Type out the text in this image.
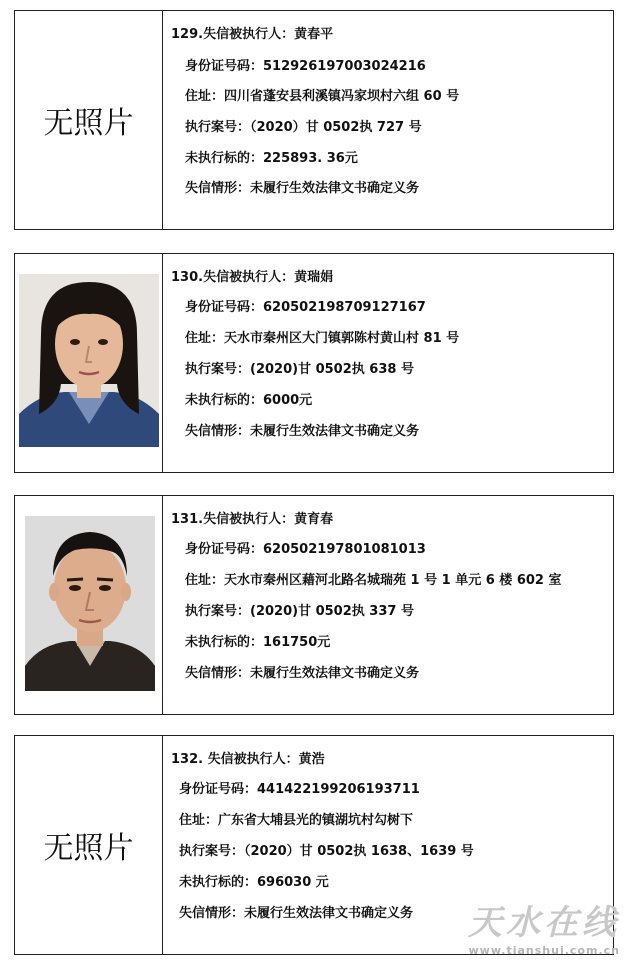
无照片
129.失信被执行人：黄春平
身份证号码：512926197003024216
住址：四川省蓬安县利溪镇冯家坝村六组 60 号
执行案号：（2020）甘 0502执 727 号
未执行标的：225893. 36元
失信情形：未履行生效法律文书确定义务
130.失信被执行人：黄瑞娟
身份证号码：620502198709127167
住址：天水市秦州区大门镇郭陈村黄山村 81 号
执行案号：(2020)甘 0502执 638 号
未执行标的：6000元
失信情形：未履行生效法律文书确定义务
131.失信被执行人：黄育春
身份证号码：620502197801081013
住址：天水市秦州区藉河北路名城瑞苑 1 号 1 单元 6 楼 602 室
执行案号：(2020)甘 0502执 337 号
未执行标的：161750元
失信情形：未履行生效法律文书确定义务
无照片
132. 失信被执行人：黄浩
身份证号码：441422199206193711
住址：广东省大埔县光的镇湖坑村勾树下
执行案号：（2020）甘 0502执 1638、1639 号
未执行标的：696030 元
失信情形：未履行生效法律文书确定义务 天水在线
www.tianshui.com.cn
